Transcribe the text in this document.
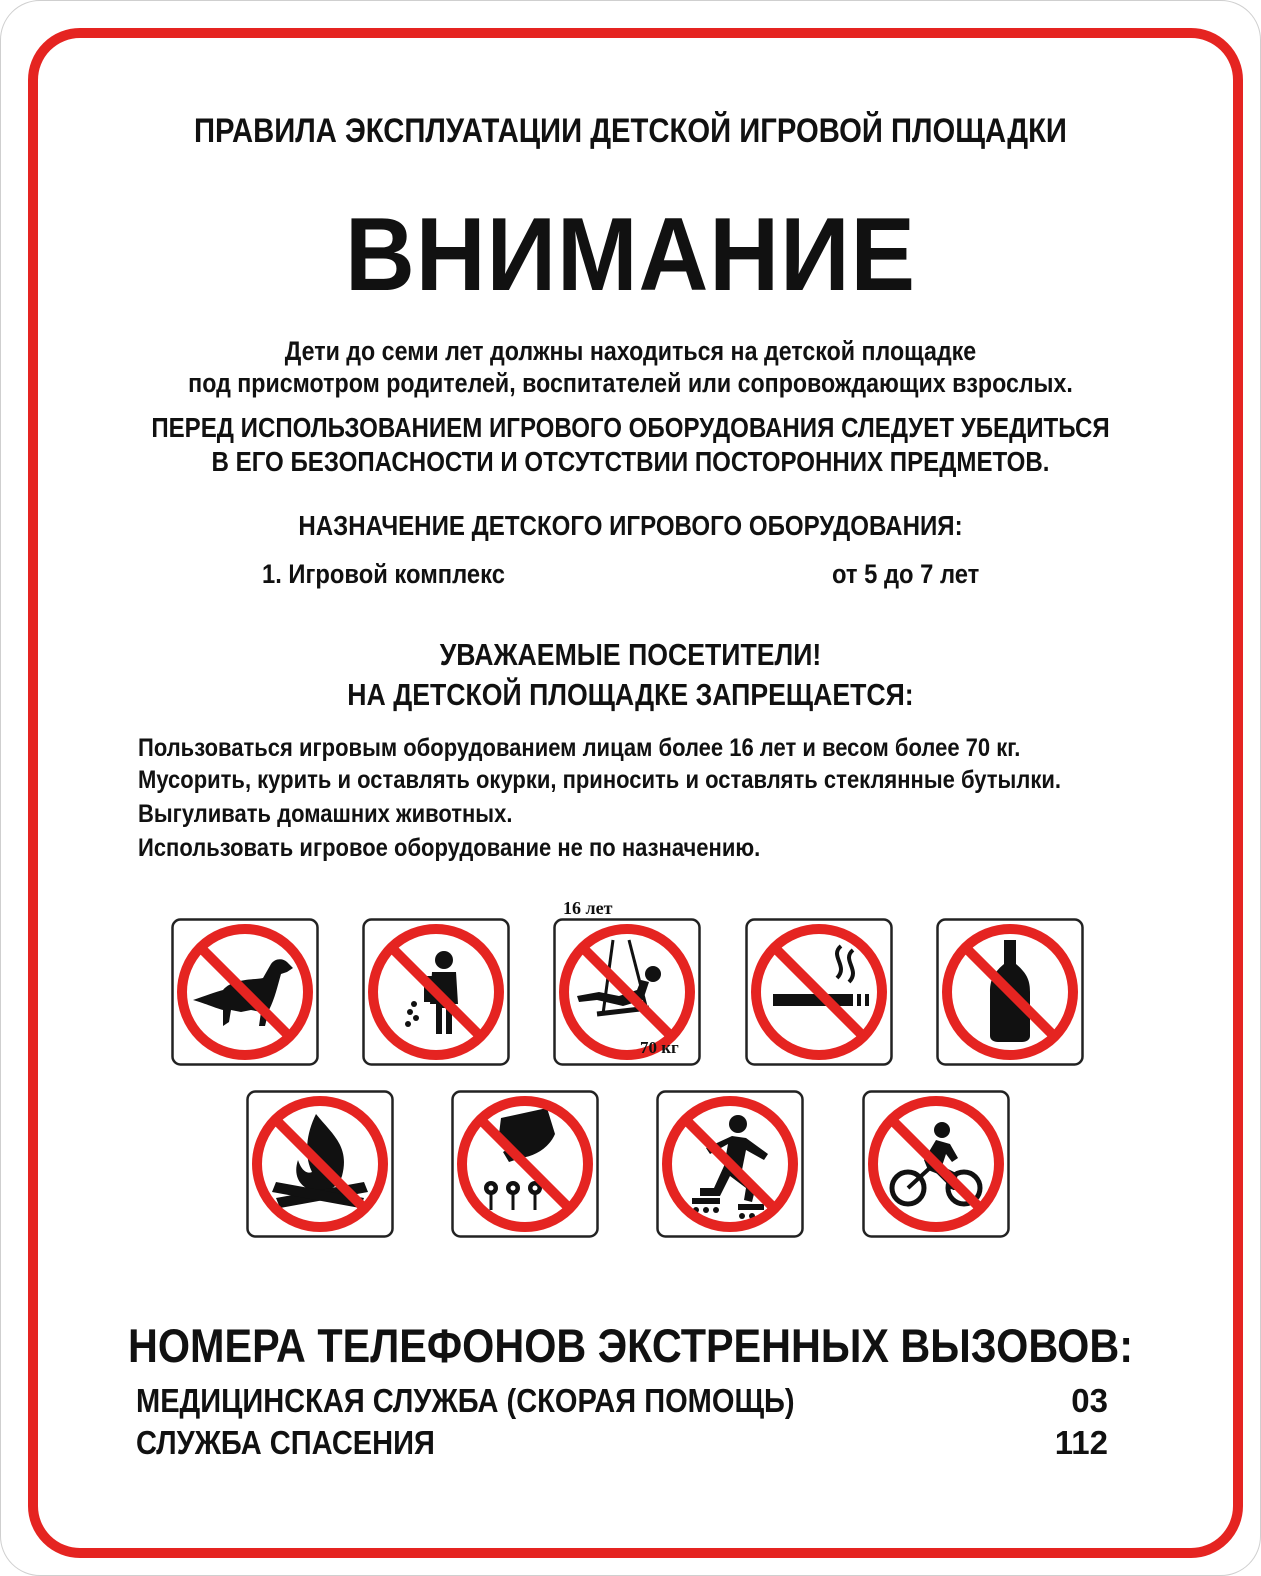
ПРАВИЛА ЭКСПЛУАТАЦИИ ДЕТСКОЙ ИГРОВОЙ ПЛОЩАДКИ
ВНИМАНИЕ
Дети до семи лет должны находиться на детской площадке
под присмотром родителей, воспитателей или сопровождающих взрослых.
ПЕРЕД ИСПОЛЬЗОВАНИЕМ ИГРОВОГО ОБОРУДОВАНИЯ СЛЕДУЕТ УБЕДИТЬСЯ
В ЕГО БЕЗОПАСНОСТИ И ОТСУТСТВИИ ПОСТОРОННИХ ПРЕДМЕТОВ.
НАЗНАЧЕНИЕ ДЕТСКОГО ИГРОВОГО ОБОРУДОВАНИЯ:
1. Игровой комплекс	от 5 до 7 лет
УВАЖАЕМЫЕ ПОСЕТИТЕЛИ!
НА ДЕТСКОЙ ПЛОЩАДКЕ ЗАПРЕЩАЕТСЯ:
Пользоваться игровым оборудованием лицам более 16 лет и весом более 70 кг.
Мусорить, курить и оставлять окурки, приносить и оставлять стеклянные бутылки.
Выгуливать домашних животных.
Использовать игровое оборудование не по назначению.
16 лет
70 кг
НОМЕРА ТЕЛЕФОНОВ ЭКСТРЕННЫХ ВЫЗОВОВ:
МЕДИЦИНСКАЯ СЛУЖБА (СКОРАЯ ПОМОЩЬ)	03
СЛУЖБА СПАСЕНИЯ	112
